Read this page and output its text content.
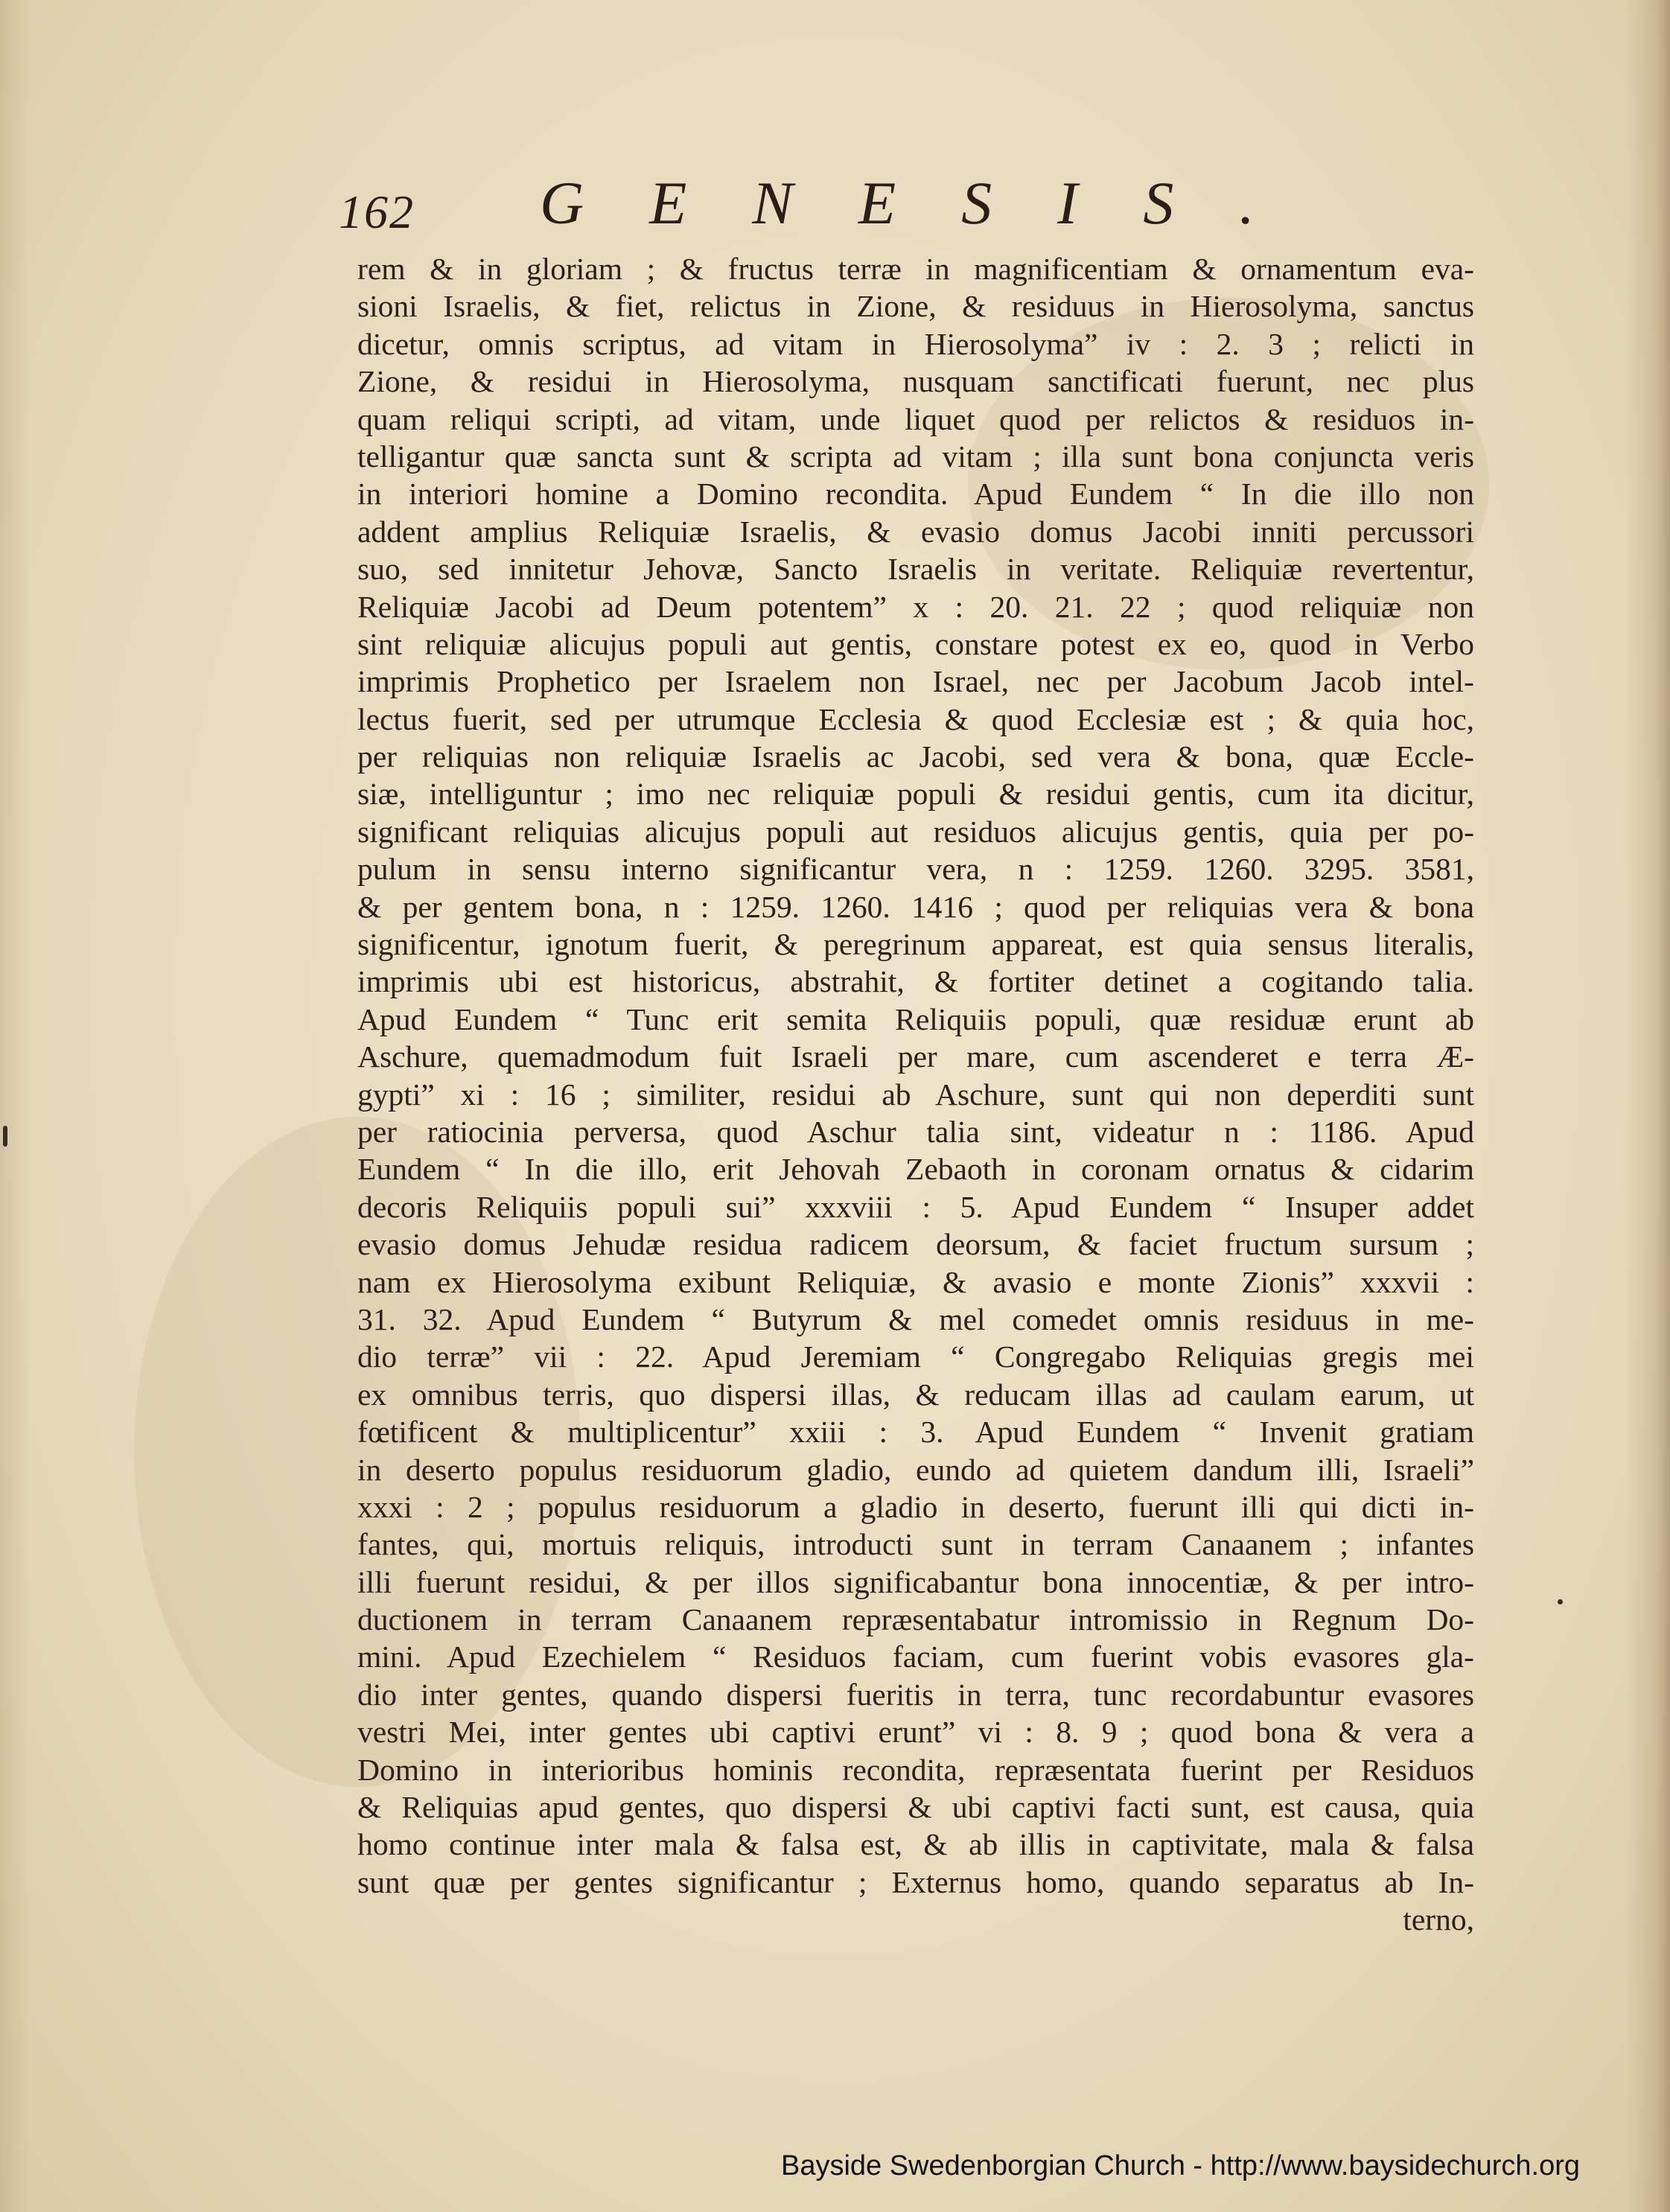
162 GENESIS.
rem & in gloriam ; & fructus terræ in magnificentiam & ornamentum eva-
sioni Israelis, & fiet, relictus in Zione, & residuus in Hierosolyma, sanctus
dicetur, omnis scriptus, ad vitam in Hierosolyma” iv : 2. 3 ; relicti in
Zione, & residui in Hierosolyma, nusquam sanctificati fuerunt, nec plus
quam reliqui scripti, ad vitam, unde liquet quod per relictos & residuos in-
telligantur quæ sancta sunt & scripta ad vitam ; illa sunt bona conjuncta veris
in interiori homine a Domino recondita. Apud Eundem “ In die illo non
addent amplius Reliquiæ Israelis, & evasio domus Jacobi inniti percussori
suo, sed innitetur Jehovæ, Sancto Israelis in veritate. Reliquiæ revertentur,
Reliquiæ Jacobi ad Deum potentem” x : 20. 21. 22 ; quod reliquiæ non
sint reliquiæ alicujus populi aut gentis, constare potest ex eo, quod in Verbo
imprimis Prophetico per Israelem non Israel, nec per Jacobum Jacob intel-
lectus fuerit, sed per utrumque Ecclesia & quod Ecclesiæ est ; & quia hoc,
per reliquias non reliquiæ Israelis ac Jacobi, sed vera & bona, quæ Eccle-
siæ, intelliguntur ; imo nec reliquiæ populi & residui gentis, cum ita dicitur,
significant reliquias alicujus populi aut residuos alicujus gentis, quia per po-
pulum in sensu interno significantur vera, n : 1259. 1260. 3295. 3581,
& per gentem bona, n : 1259. 1260. 1416 ; quod per reliquias vera & bona
significentur, ignotum fuerit, & peregrinum appareat, est quia sensus literalis,
imprimis ubi est historicus, abstrahit, & fortiter detinet a cogitando talia.
Apud Eundem “ Tunc erit semita Reliquiis populi, quæ residuæ erunt ab
Aschure, quemadmodum fuit Israeli per mare, cum ascenderet e terra Æ-
gypti” xi : 16 ; similiter, residui ab Aschure, sunt qui non deperditi sunt
per ratiocinia perversa, quod Aschur talia sint, videatur n : 1186. Apud
Eundem “ In die illo, erit Jehovah Zebaoth in coronam ornatus & cidarim
decoris Reliquiis populi sui” xxxviii : 5. Apud Eundem “ Insuper addet
evasio domus Jehudæ residua radicem deorsum, & faciet fructum sursum ;
nam ex Hierosolyma exibunt Reliquiæ, & avasio e monte Zionis” xxxvii :
31. 32. Apud Eundem “ Butyrum & mel comedet omnis residuus in me-
dio terræ” vii : 22. Apud Jeremiam “ Congregabo Reliquias gregis mei
ex omnibus terris, quo dispersi illas, & reducam illas ad caulam earum, ut
fœtificent & multiplicentur” xxiii : 3. Apud Eundem “ Invenit gratiam
in deserto populus residuorum gladio, eundo ad quietem dandum illi, Israeli”
xxxi : 2 ; populus residuorum a gladio in deserto, fuerunt illi qui dicti in-
fantes, qui, mortuis reliquis, introducti sunt in terram Canaanem ; infantes
illi fuerunt residui, & per illos significabantur bona innocentiæ, & per intro-
ductionem in terram Canaanem repræsentabatur intromissio in Regnum Do-
mini. Apud Ezechielem “ Residuos faciam, cum fuerint vobis evasores gla-
dio inter gentes, quando dispersi fueritis in terra, tunc recordabuntur evasores
vestri Mei, inter gentes ubi captivi erunt” vi : 8. 9 ; quod bona & vera a
Domino in interioribus hominis recondita, repræsentata fuerint per Residuos
& Reliquias apud gentes, quo dispersi & ubi captivi facti sunt, est causa, quia
homo continue inter mala & falsa est, & ab illis in captivitate, mala & falsa
sunt quæ per gentes significantur ; Externus homo, quando separatus ab In-
terno,
Bayside Swedenborgian Church - http://www.baysidechurch.org
